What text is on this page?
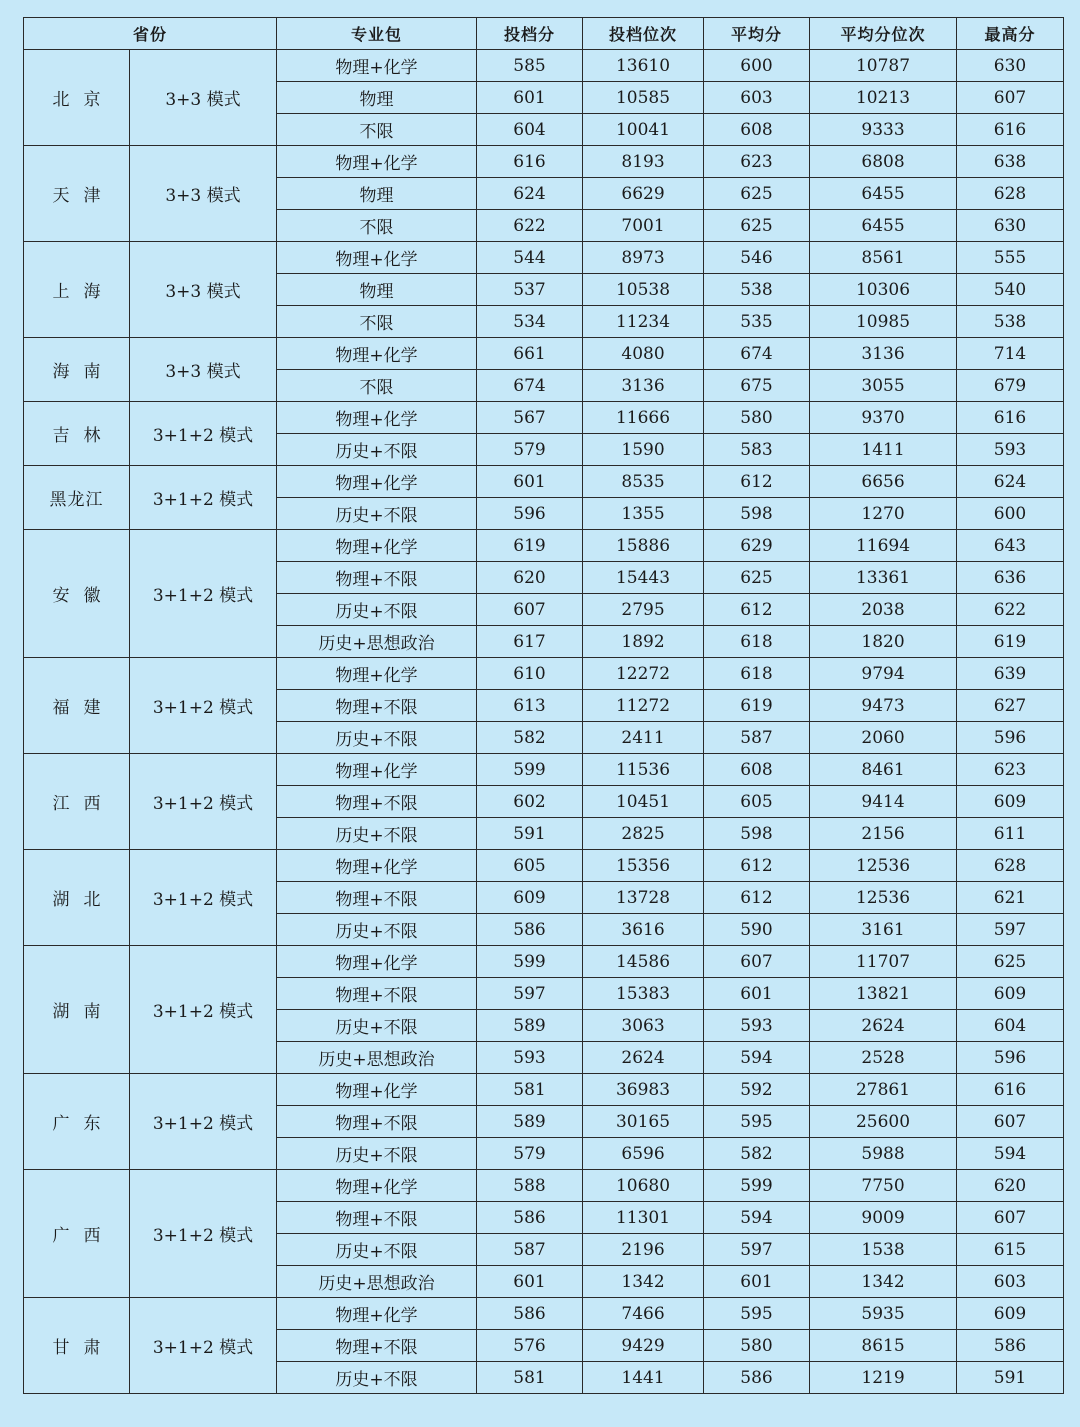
省份		专业包	投档分	投档位次	平均分	平均分位次	最高分
北京	3+3 模式	物理+化学	585	13610	600	10787	630
		物理	601	10585	603	10213	607
		不限	604	10041	608	9333	616
天津	3+3 模式	物理+化学	616	8193	623	6808	638
		物理	624	6629	625	6455	628
		不限	622	7001	625	6455	630
上海	3+3 模式	物理+化学	544	8973	546	8561	555
		物理	537	10538	538	10306	540
		不限	534	11234	535	10985	538
海南	3+3 模式	物理+化学	661	4080	674	3136	714
		不限	674	3136	675	3055	679
吉林	3+1+2 模式	物理+化学	567	11666	580	9370	616
		历史+不限	579	1590	583	1411	593
黑龙江	3+1+2 模式	物理+化学	601	8535	612	6656	624
		历史+不限	596	1355	598	1270	600
安徽	3+1+2 模式	物理+化学	619	15886	629	11694	643
		物理+不限	620	15443	625	13361	636
		历史+不限	607	2795	612	2038	622
		历史+思想政治	617	1892	618	1820	619
福建	3+1+2 模式	物理+化学	610	12272	618	9794	639
		物理+不限	613	11272	619	9473	627
		历史+不限	582	2411	587	2060	596
江西	3+1+2 模式	物理+化学	599	11536	608	8461	623
		物理+不限	602	10451	605	9414	609
		历史+不限	591	2825	598	2156	611
湖北	3+1+2 模式	物理+化学	605	15356	612	12536	628
		物理+不限	609	13728	612	12536	621
		历史+不限	586	3616	590	3161	597
湖南	3+1+2 模式	物理+化学	599	14586	607	11707	625
		物理+不限	597	15383	601	13821	609
		历史+不限	589	3063	593	2624	604
		历史+思想政治	593	2624	594	2528	596
广东	3+1+2 模式	物理+化学	581	36983	592	27861	616
		物理+不限	589	30165	595	25600	607
		历史+不限	579	6596	582	5988	594
广西	3+1+2 模式	物理+化学	588	10680	599	7750	620
		物理+不限	586	11301	594	9009	607
		历史+不限	587	2196	597	1538	615
		历史+思想政治	601	1342	601	1342	603
甘肃	3+1+2 模式	物理+化学	586	7466	595	5935	609
		物理+不限	576	9429	580	8615	586
		历史+不限	581	1441	586	1219	591
